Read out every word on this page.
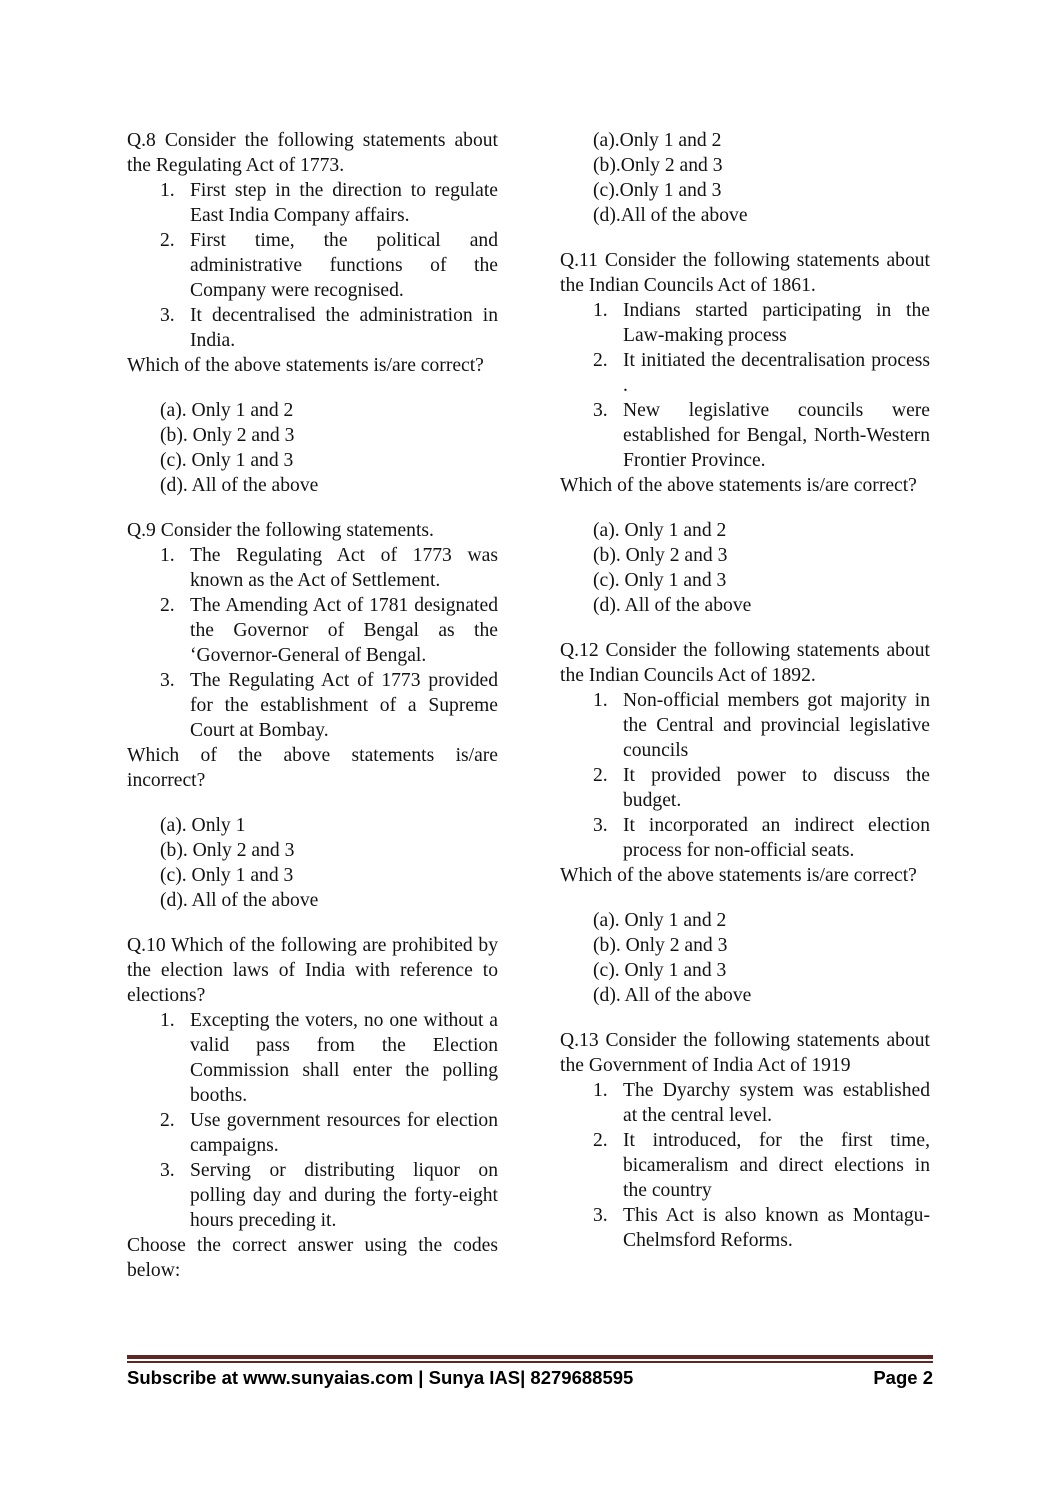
Q.8 Consider the following statements about the Regulating Act of 1773.

1. First step in the direction to regulate East India Company affairs.
2. First time, the political and administrative functions of the Company were recognised.
3. It decentralised the administration in India.

Which of the above statements is/are correct?

(a). Only 1 and 2
(b). Only 2 and 3
(c). Only 1 and 3
(d). All of the above

Q.9 Consider the following statements.

1. The Regulating Act of 1773 was known as the Act of Settlement.
2. The Amending Act of 1781 designated the Governor of Bengal as the ‘Governor-General of Bengal.
3. The Regulating Act of 1773 provided for the establishment of a Supreme Court at Bombay.

Which of the above statements is/are incorrect?

(a). Only 1
(b). Only 2 and 3
(c). Only 1 and 3
(d). All of the above

Q.10 Which of the following are prohibited by the election laws of India with reference to elections?

1. Excepting the voters, no one without a valid pass from the Election Commission shall enter the polling booths.
2. Use government resources for election campaigns.
3. Serving or distributing liquor on polling day and during the forty-eight hours preceding it.

Choose the correct answer using the codes below:

(a).Only 1 and 2
(b).Only 2 and 3
(c).Only 1 and 3
(d).All of the above

Q.11 Consider the following statements about the Indian Councils Act of 1861.

1. Indians started participating in the Law-making process
2. It initiated the decentralisation process .
3. New legislative councils were established for Bengal, North-Western Frontier Province.

Which of the above statements is/are correct?

(a). Only 1 and 2
(b). Only 2 and 3
(c). Only 1 and 3
(d). All of the above

Q.12 Consider the following statements about the Indian Councils Act of 1892.

1. Non-official members got majority in the Central and provincial legislative councils
2. It provided power to discuss the budget.
3. It incorporated an indirect election process for non-official seats.

Which of the above statements is/are correct?

(a). Only 1 and 2
(b). Only 2 and 3
(c). Only 1 and 3
(d). All of the above

Q.13 Consider the following statements about the Government of India Act of 1919

1. The Dyarchy system was established at the central level.
2. It introduced, for the first time, bicameralism and direct elections in the country
3. This Act is also known as Montagu-Chelmsford Reforms.
Subscribe at www.sunyaias.com | Sunya IAS| 8279688595	Page 2
